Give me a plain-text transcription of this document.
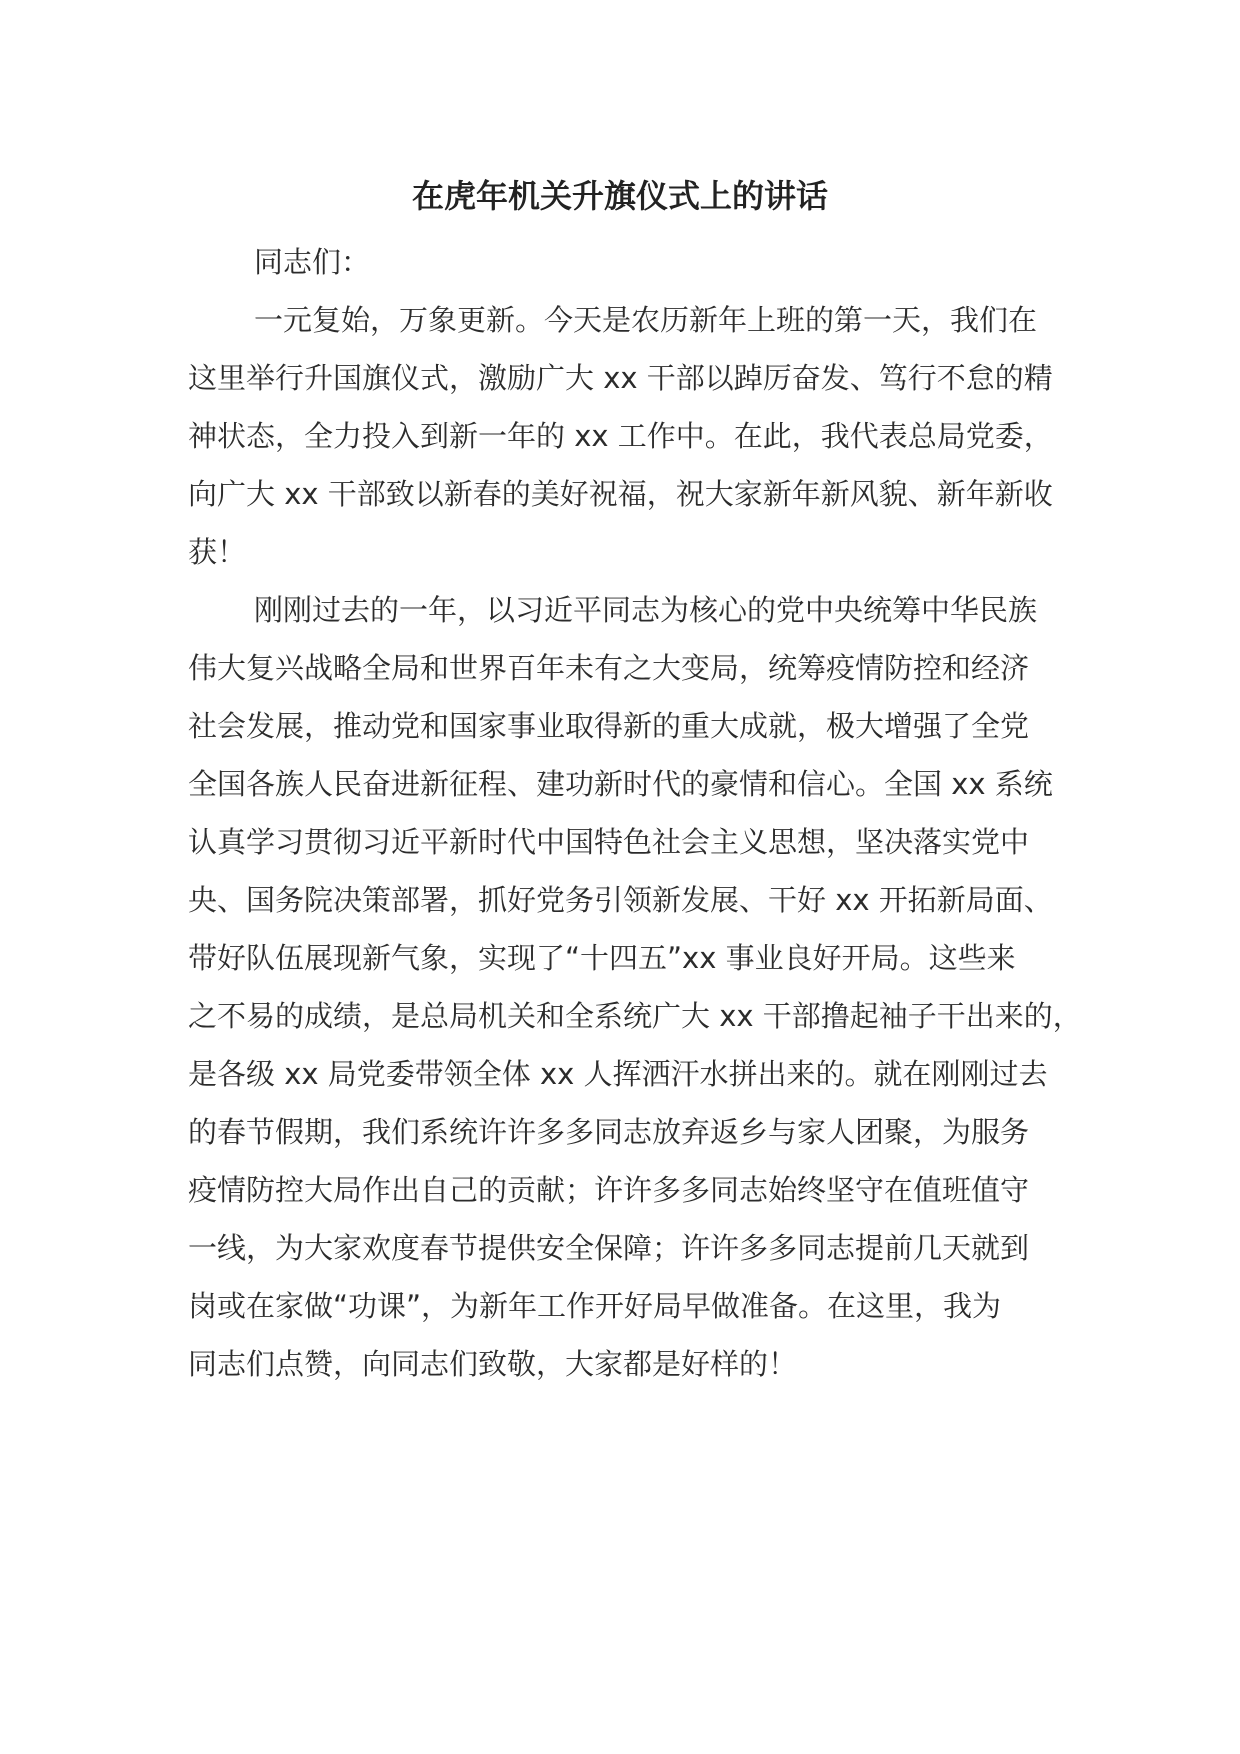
在虎年机关升旗仪式上的讲话
同志们：
一元复始，万象更新。今天是农历新年上班的第一天，我们在
这里举行升国旗仪式，激励广大 xx 干部以踔厉奋发、笃行不怠的精
神状态，全力投入到新一年的 xx 工作中。在此，我代表总局党委，
向广大 xx 干部致以新春的美好祝福，祝大家新年新风貌、新年新收
获！
刚刚过去的一年，以习近平同志为核心的党中央统筹中华民族
伟大复兴战略全局和世界百年未有之大变局，统筹疫情防控和经济
社会发展，推动党和国家事业取得新的重大成就，极大增强了全党
全国各族人民奋进新征程、建功新时代的豪情和信心。全国 xx 系统
认真学习贯彻习近平新时代中国特色社会主义思想，坚决落实党中
央、国务院决策部署，抓好党务引领新发展、干好 xx 开拓新局面、
带好队伍展现新气象，实现了“十四五”xx 事业良好开局。这些来
之不易的成绩，是总局机关和全系统广大 xx 干部撸起袖子干出来的，
是各级 xx 局党委带领全体 xx 人挥洒汗水拼出来的。就在刚刚过去
的春节假期，我们系统许许多多同志放弃返乡与家人团聚，为服务
疫情防控大局作出自己的贡献；许许多多同志始终坚守在值班值守
一线，为大家欢度春节提供安全保障；许许多多同志提前几天就到
岗或在家做“功课”，为新年工作开好局早做准备。在这里，我为
同志们点赞，向同志们致敬，大家都是好样的！
